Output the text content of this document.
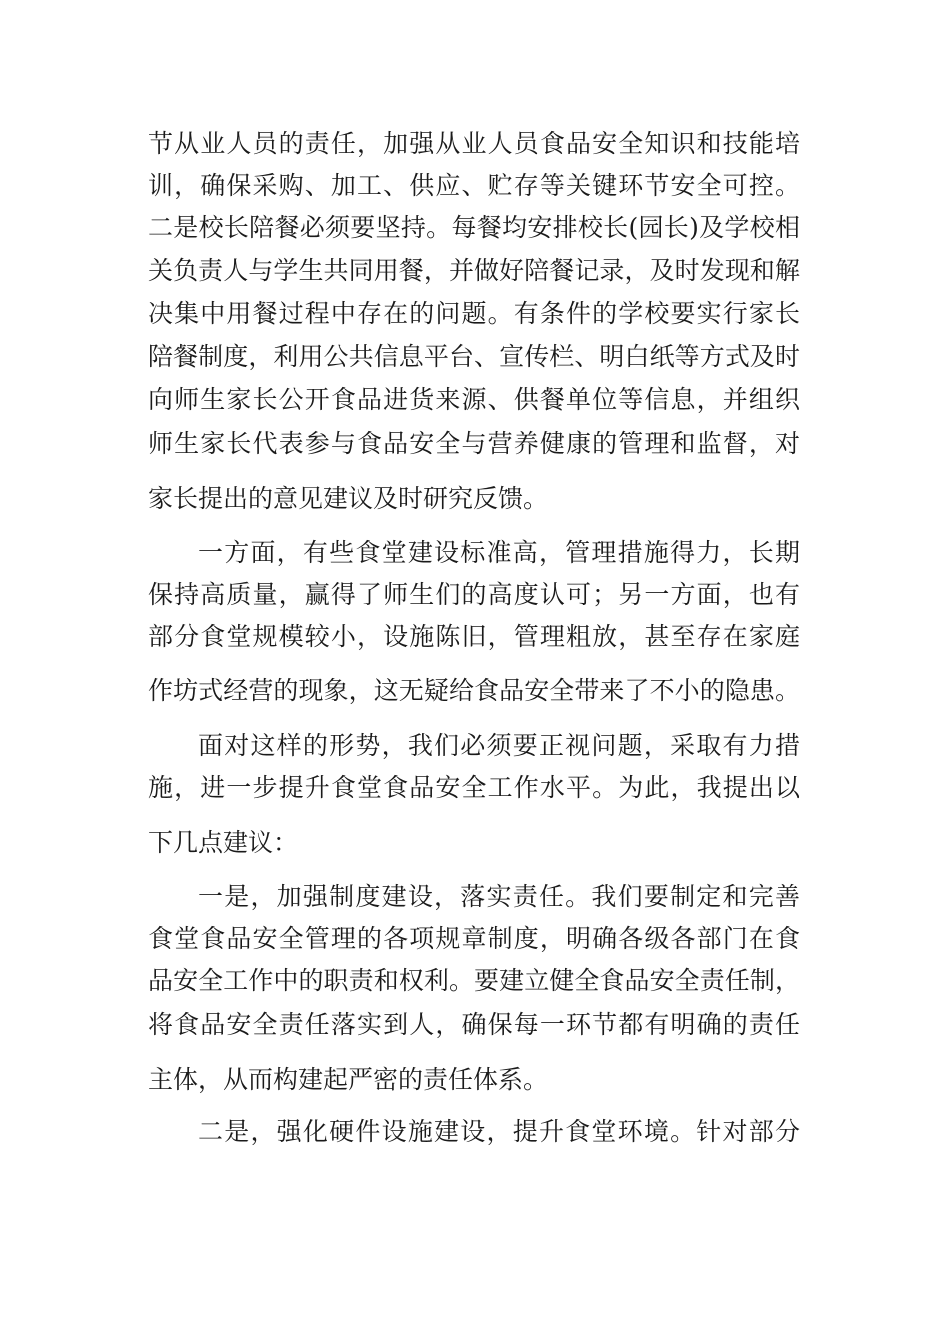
节从业人员的责任，加强从业人员食品安全知识和技能培

训，确保采购、加工、供应、贮存等关键环节安全可控。

二是校长陪餐必须要坚持。每餐均安排校长(园长)及学校相

关负责人与学生共同用餐，并做好陪餐记录，及时发现和解

决集中用餐过程中存在的问题。有条件的学校要实行家长

陪餐制度，利用公共信息平台、宣传栏、明白纸等方式及时

向师生家长公开食品进货来源、供餐单位等信息，并组织

师生家长代表参与食品安全与营养健康的管理和监督，对

家长提出的意见建议及时研究反馈。

一方面，有些食堂建设标准高，管理措施得力，长期

保持高质量，赢得了师生们的高度认可；另一方面，也有

部分食堂规模较小，设施陈旧，管理粗放，甚至存在家庭

作坊式经营的现象，这无疑给食品安全带来了不小的隐患。

面对这样的形势，我们必须要正视问题，采取有力措

施，进一步提升食堂食品安全工作水平。为此，我提出以

下几点建议：

一是，加强制度建设，落实责任。我们要制定和完善

食堂食品安全管理的各项规章制度，明确各级各部门在食

品安全工作中的职责和权利。要建立健全食品安全责任制，

将食品安全责任落实到人，确保每一环节都有明确的责任

主体，从而构建起严密的责任体系。

二是，强化硬件设施建设，提升食堂环境。针对部分
